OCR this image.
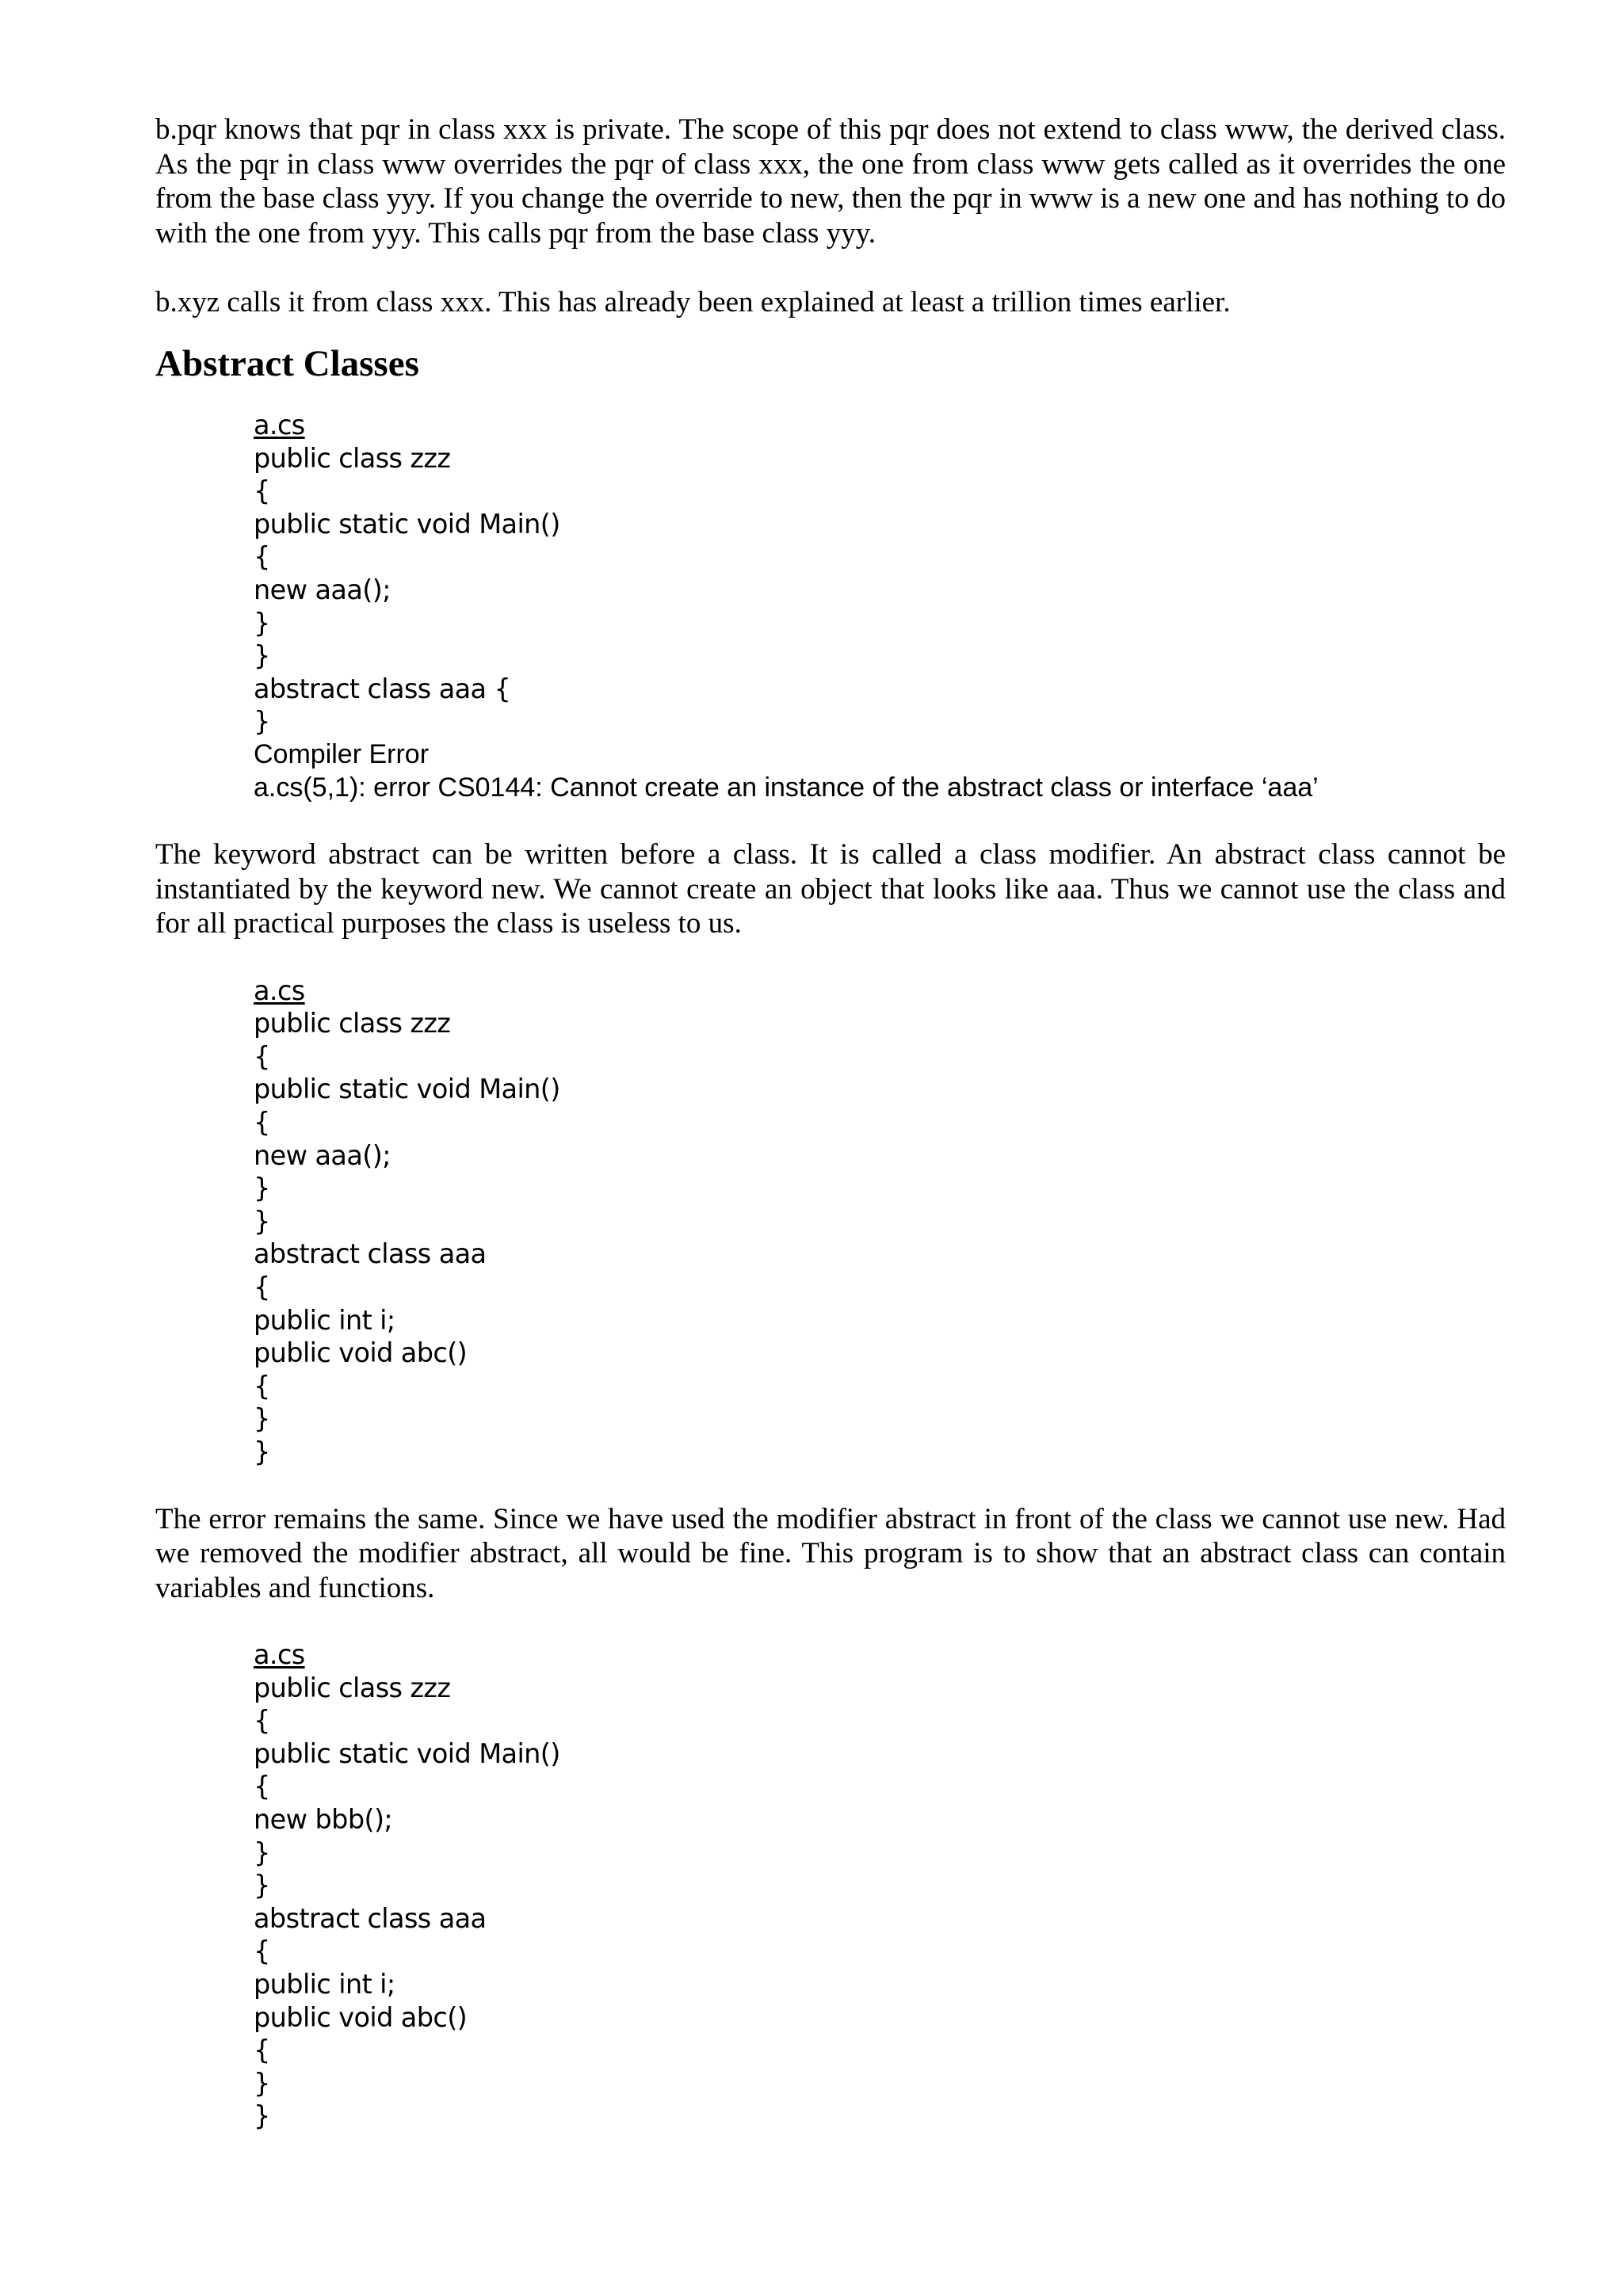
b.pqr knows that pqr in class xxx is private. The scope of this pqr does not extend to class www, the derived class. As the pqr in class www overrides the pqr of class xxx, the one from class www gets called as it overrides the one from the base class yyy. If you change the override to new, then the pqr in www is a new one and has nothing to do with the one from yyy. This calls pqr from the base class yyy.

b.xyz calls it from class xxx. This has already been explained at least a trillion times earlier.

Abstract Classes
a.cs
public class zzz
{
public static void Main()
{
new aaa();
}
}
abstract class aaa {
}
Compiler Error
a.cs(5,1): error CS0144: Cannot create an instance of the abstract class or interface ‘aaa’

The keyword abstract can be written before a class. It is called a class modifier. An abstract class cannot be instantiated by the keyword new. We cannot create an object that looks like aaa. Thus we cannot use the class and for all practical purposes the class is useless to us.

a.cs
public class zzz
{
public static void Main()
{
new aaa();
}
}
abstract class aaa
{
public int i;
public void abc()
{
}
}

The error remains the same. Since we have used the modifier abstract in front of the class we cannot use new. Had we removed the modifier abstract, all would be fine. This program is to show that an abstract class can contain variables and functions.

a.cs
public class zzz
{
public static void Main()
{
new bbb();
}
}
abstract class aaa
{
public int i;
public void abc()
{
}
}
